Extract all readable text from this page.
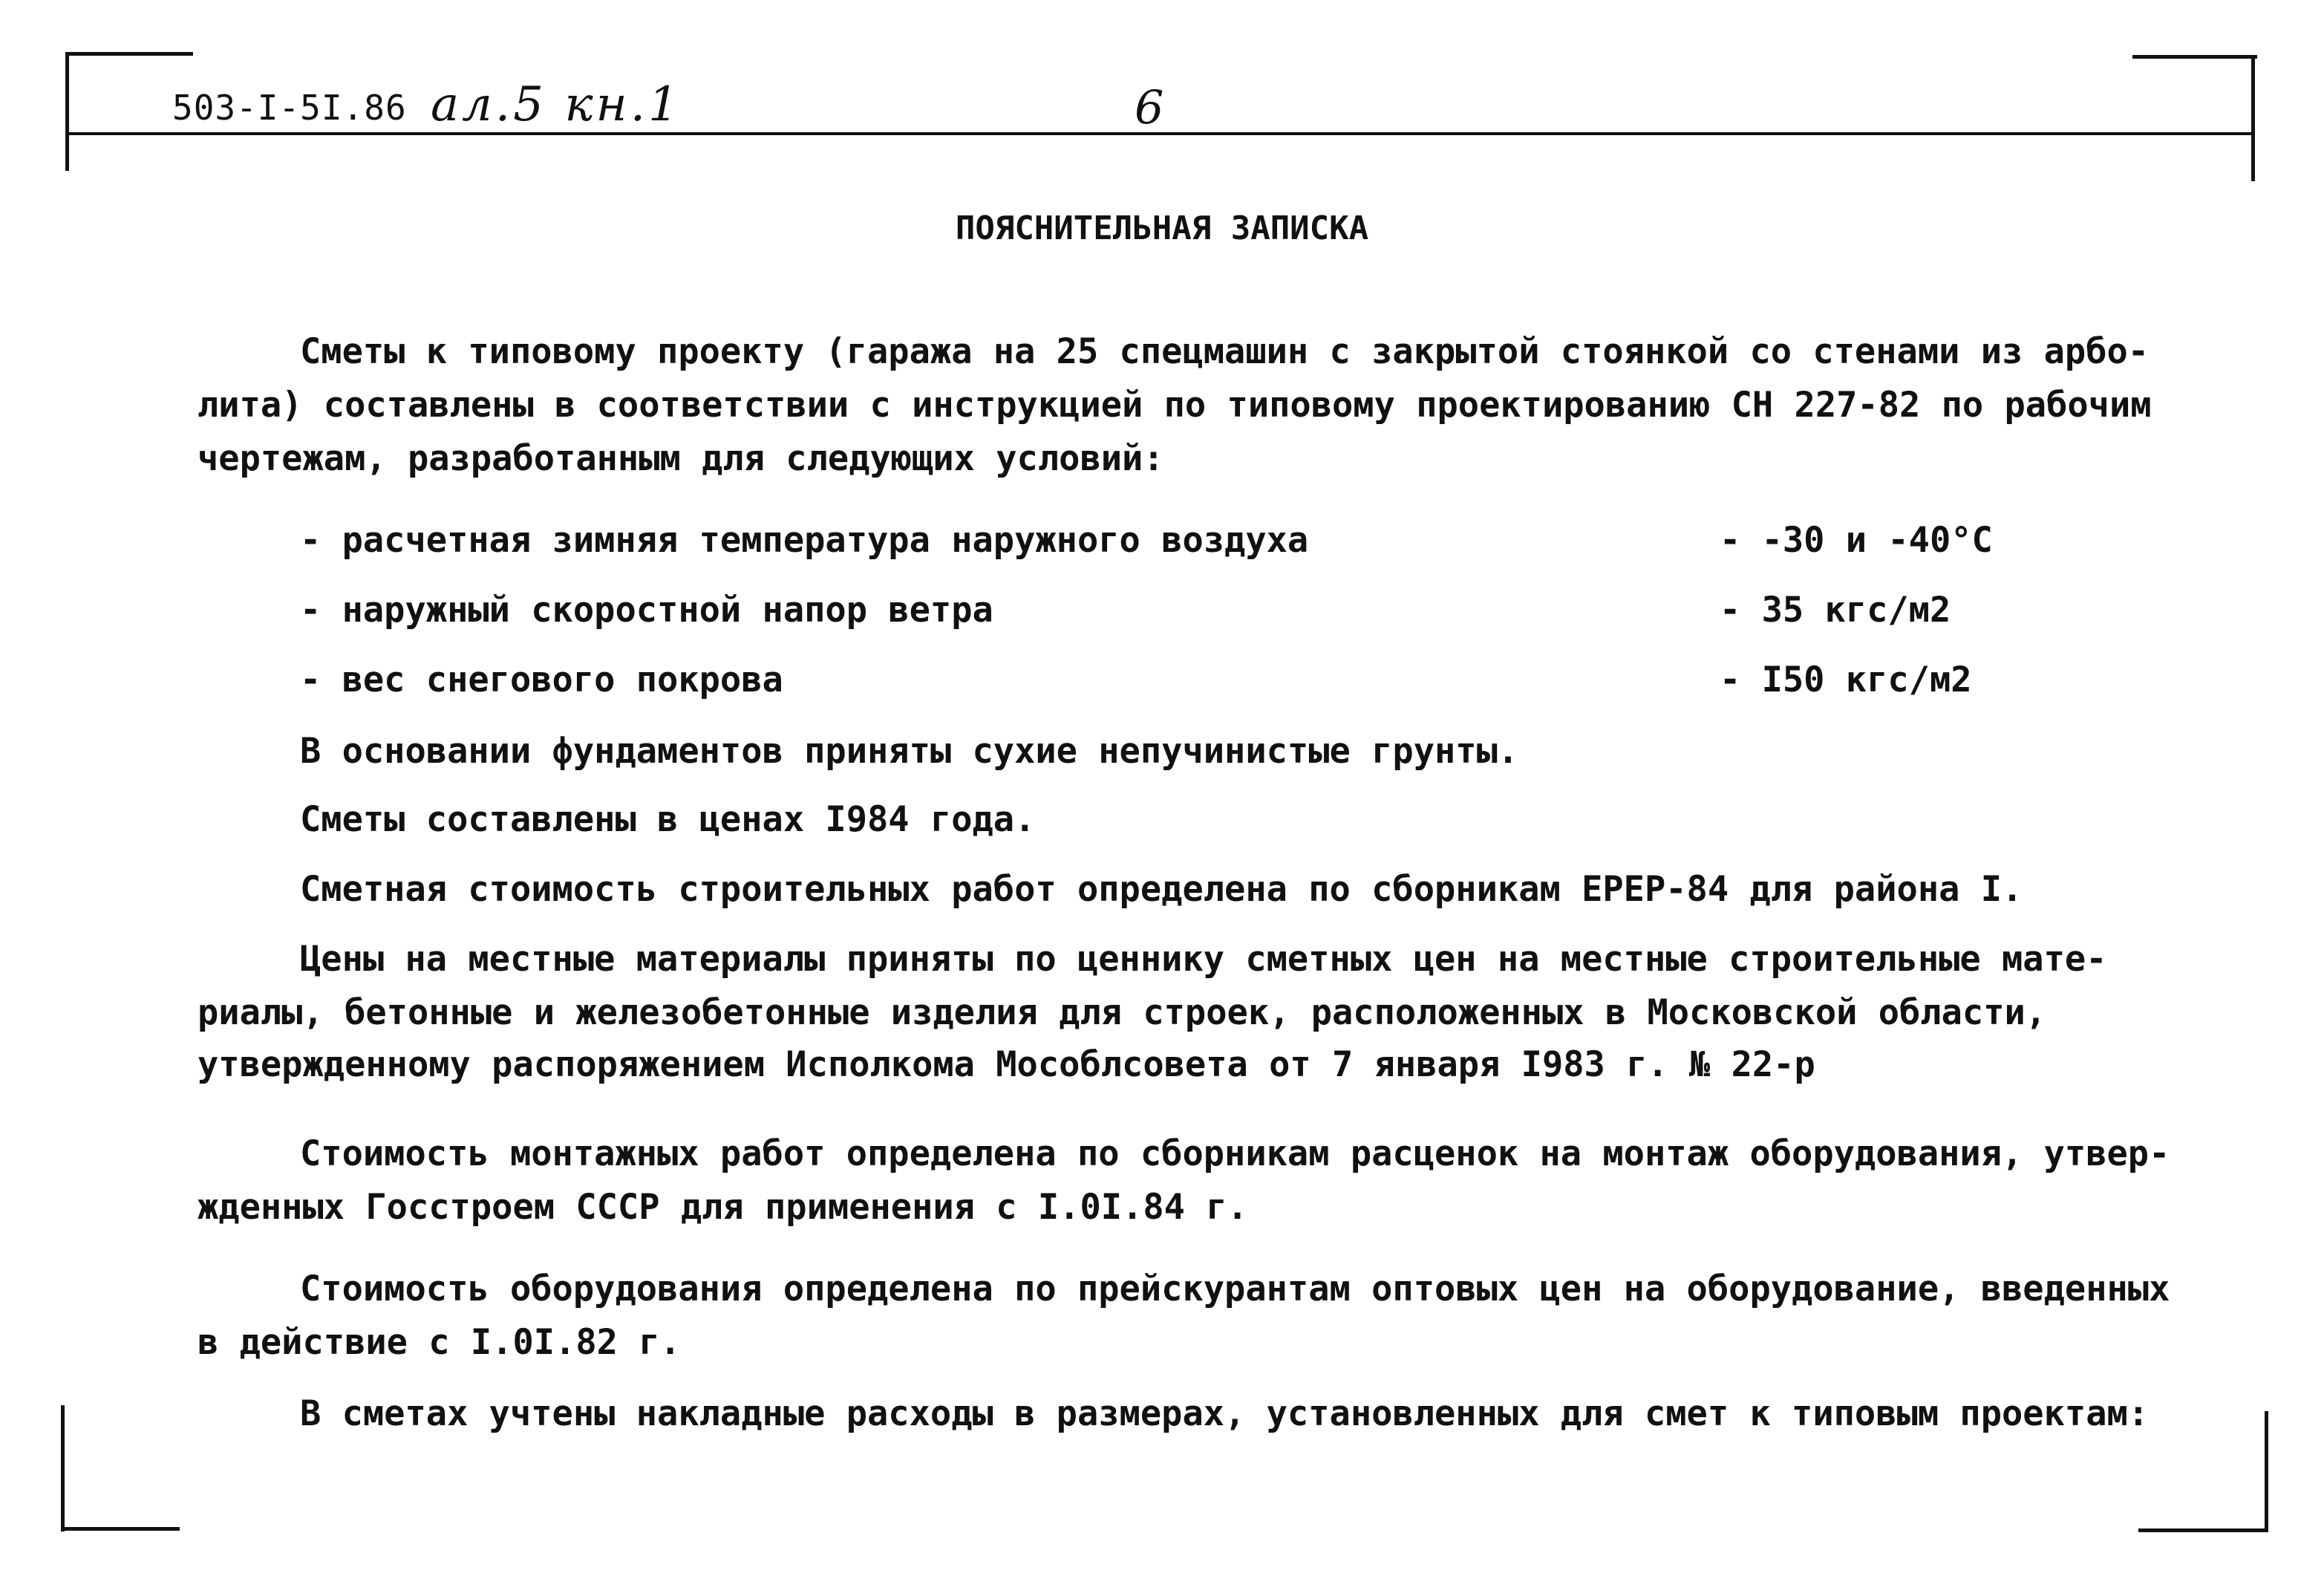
503-I-5I.86 ал.5 кн.1	6
ПОЯСНИТЕЛЬНАЯ ЗАПИСКА
Сметы к типовому проекту (гаража на 25 спецмашин с закрытой стоянкой со стенами из арбо-
лита) составлены в соответствии с инструкцией по типовому проектированию СН 227-82 по рабочим
чертежам, разработанным для следующих условий:
- расчетная зимняя температура наружного воздуха	- -30 и -40°С
- наружный скоростной напор ветра	- 35 кгс/м2
- вес снегового покрова	- I50 кгс/м2
В основании фундаментов приняты сухие непучинистые грунты.
Сметы составлены в ценах I984 года.
Сметная стоимость строительных работ определена по сборникам ЕРЕР-84 для района I.
Цены на местные материалы приняты по ценнику сметных цен на местные строительные мате-
риалы, бетонные и железобетонные изделия для строек, расположенных в Московской области,
утвержденному распоряжением Исполкома Мособлсовета от 7 января I983 г. № 22-р
Стоимость монтажных работ определена по сборникам расценок на монтаж оборудования, утвер-
жденных Госстроем СССР для применения с I.0I.84 г.
Стоимость оборудования определена по прейскурантам оптовых цен на оборудование, введенных
в действие с I.0I.82 г.
В сметах учтены накладные расходы в размерах, установленных для смет к типовым проектам:
